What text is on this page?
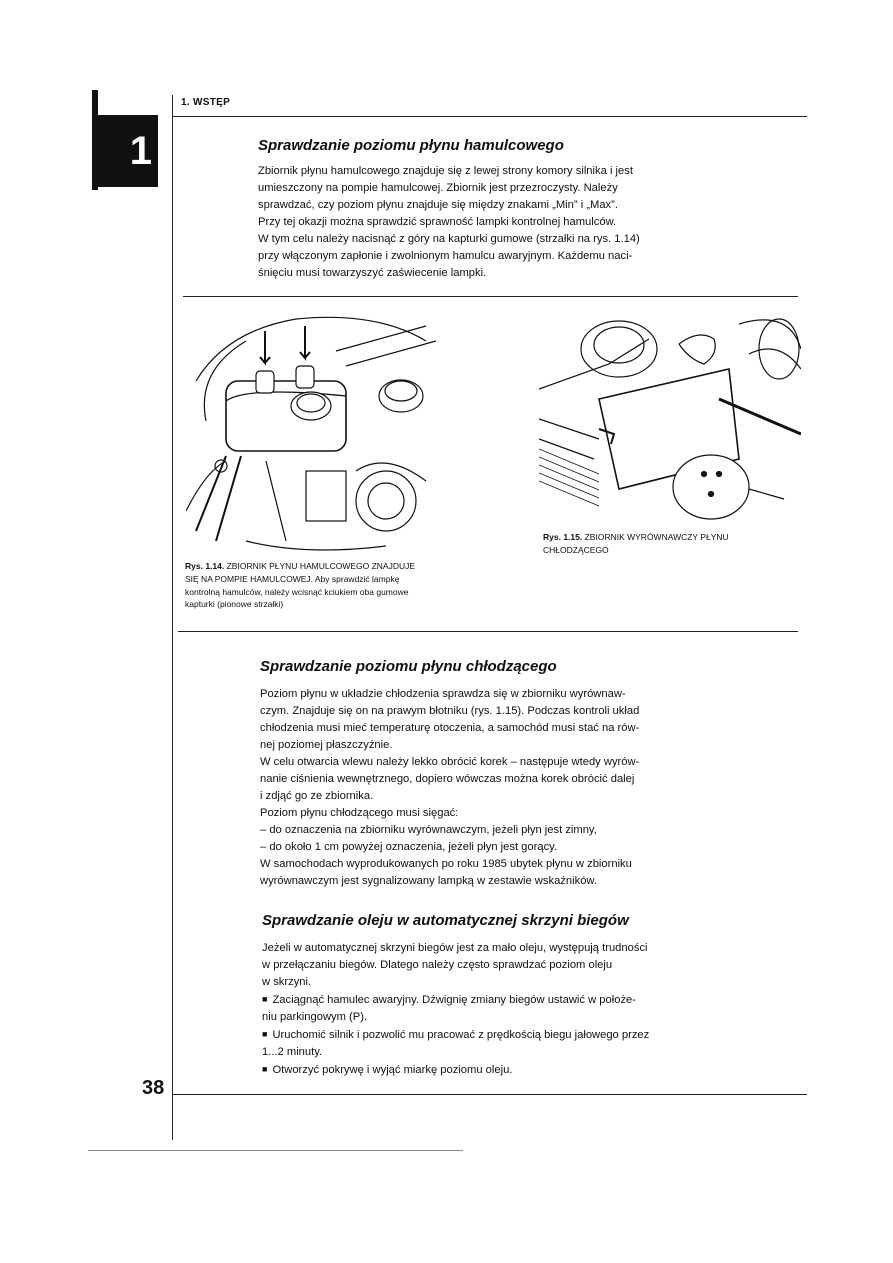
1
1. WSTĘP
Sprawdzanie poziomu płynu hamulcowego

Zbiornik płynu hamulcowego znajduje się z lewej strony komory silnika i jest

umieszczony na pompie hamulcowej. Zbiornik jest przezroczysty. Należy

sprawdzać, czy poziom płynu znajduje się między znakami „Min” i „Max”.

Przy tej okazji można sprawdzić sprawność lampki kontrolnej hamulców.

W tym celu należy nacisnąć z góry na kapturki gumowe (strzałki na rys. 1.14)

przy włączonym zapłonie i zwolnionym hamulcu awaryjnym. Każdemu naci-

śnięciu musi towarzyszyć zaświecenie lampki.

Rys. 1.14. ZBIORNIK PŁYNU HAMULCOWEGO ZNAJDUJE
SIĘ NA POMPIE HAMULCOWEJ. Aby sprawdzić lampkę
kontrolną hamulców, należy wcisnąć kciukiem oba gumowe
kapturki (pionowe strzałki)
Rys. 1.15. ZBIORNIK WYRÓWNAWCZY PŁYNU
CHŁODZĄCEGO
Sprawdzanie poziomu płynu chłodzącego

Poziom płynu w układzie chłodzenia sprawdza się w zbiorniku wyrównaw-

czym. Znajduje się on na prawym błotniku (rys. 1.15). Podczas kontroli układ

chłodzenia musi mieć temperaturę otoczenia, a samochód musi stać na rów-

nej poziomej płaszczyźnie.

W celu otwarcia wlewu należy lekko obrócić korek – następuje wtedy wyrów-

nanie ciśnienia wewnętrznego, dopiero wówczas można korek obrócić dalej

i zdjąć go ze zbiornika.

Poziom płynu chłodzącego musi sięgać:

– do oznaczenia na zbiorniku wyrównawczym, jeżeli płyn jest zimny,

– do około 1 cm powyżej oznaczenia, jeżeli płyn jest gorący.

W samochodach wyprodukowanych po roku 1985 ubytek płynu w zbiorniku

wyrównawczym jest sygnalizowany lampką w zestawie wskaźników.

Sprawdzanie oleju w automatycznej skrzyni biegów

Jeżeli w automatycznej skrzyni biegów jest za mało oleju, występują trudności

w przełączaniu biegów. Dlatego należy często sprawdzać poziom oleju

w skrzyni.

■ Zaciągnąć hamulec awaryjny. Dźwignię zmiany biegów ustawić w położe-

niu parkingowym (P).

■ Uruchomić silnik i pozwolić mu pracować z prędkością biegu jałowego przez

1...2 minuty.

■ Otworzyć pokrywę i wyjąć miarkę poziomu oleju.

38
